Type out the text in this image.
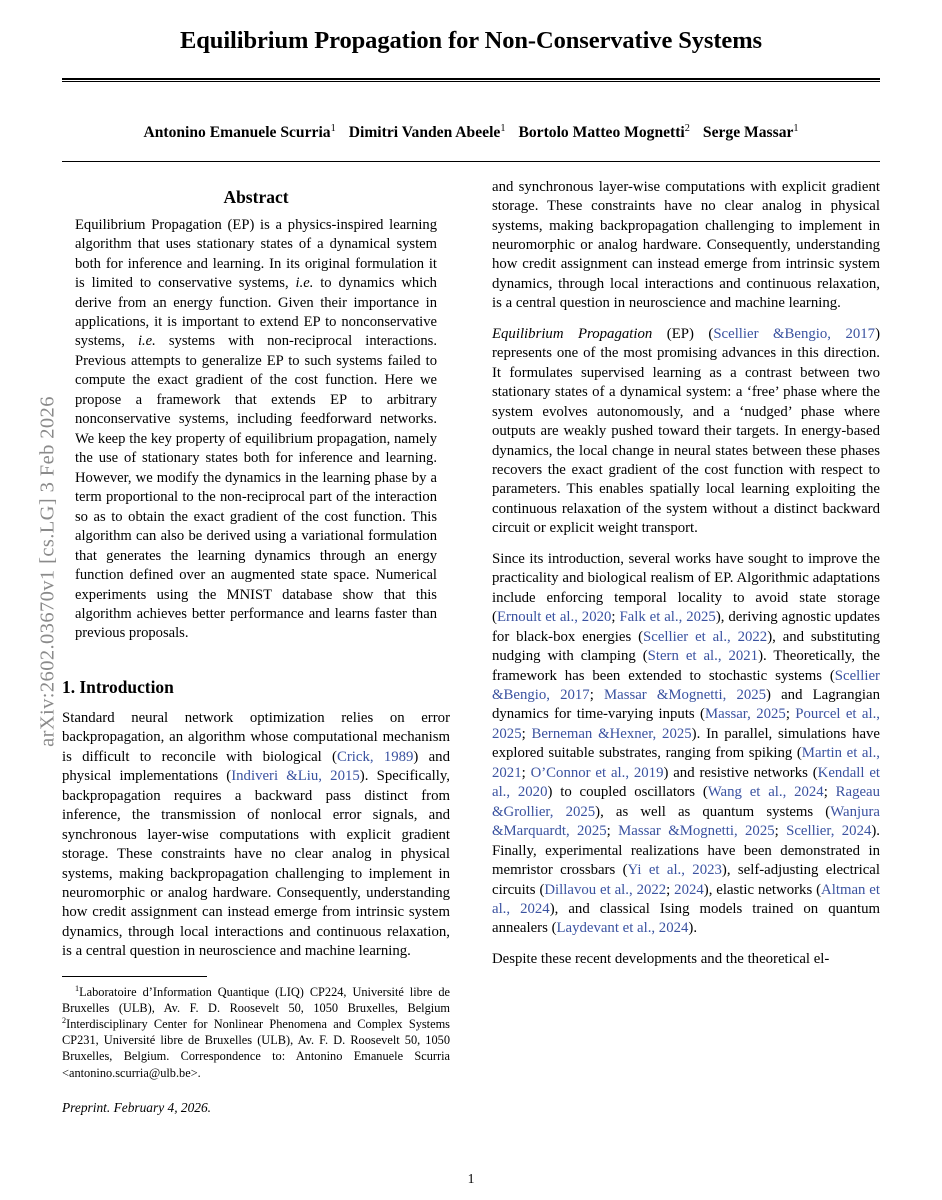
arXiv:2602.03670v1 [cs.LG] 3 Feb 2026
Equilibrium Propagation for Non-Conservative Systems
Antonino Emanuele Scurria$^1$ Dimitri Vanden Abeele$^1$ Bortolo Matteo Mognetti$^2$ Serge Massar$^1$
Abstract
Equilibrium Propagation (EP) is a physics-inspired learning algorithm that uses stationary states of a dynamical system both for inference and learning. In its original formulation it is limited to conservative systems, i.e. to dynamics which derive from an energy function. Given their importance in applications, it is important to extend EP to nonconservative systems, i.e. systems with non-reciprocal interactions. Previous attempts to generalize EP to such systems failed to compute the exact gradient of the cost function. Here we propose a framework that extends EP to arbitrary nonconservative systems, including feedforward networks. We keep the key property of equilibrium propagation, namely the use of stationary states both for inference and learning. However, we modify the dynamics in the learning phase by a term proportional to the non-reciprocal part of the interaction so as to obtain the exact gradient of the cost function. This algorithm can also be derived using a variational formulation that generates the learning dynamics through an energy function defined over an augmented state space. Numerical experiments using the MNIST database show that this algorithm achieves better performance and learns faster than previous proposals.
1. Introduction

Standard neural network optimization relies on error backpropagation, an algorithm whose computational mechanism is difficult to reconcile with biological (Crick, 1989) and physical implementations (Indiveri &Liu, 2015). Specifically, backpropagation requires a backward pass distinct from inference, the transmission of nonlocal error signals, and synchronous layer-wise computations with explicit gradient storage. These constraints have no clear analog in physical systems, making backpropagation challenging to implement in neuromorphic or analog hardware. Consequently, understanding how credit assignment can instead emerge from intrinsic system dynamics, through local interactions and continuous relaxation, is a central question in neuroscience and machine learning.

$^1$Laboratoire d’Information Quantique (LIQ) CP224, Université libre de Bruxelles (ULB), Av. F. D. Roosevelt 50, 1050 Bruxelles, Belgium $^2$Interdisciplinary Center for Nonlinear Phenomena and Complex Systems CP231, Université libre de Bruxelles (ULB), Av. F. D. Roosevelt 50, 1050 Bruxelles, Belgium. Correspondence to: Antonino Emanuele Scurria <antonino.scurria@ulb.be>.
Preprint. February 4, 2026.

and synchronous layer-wise computations with explicit gradient storage. These constraints have no clear analog in physical systems, making backpropagation challenging to implement in neuromorphic or analog hardware. Consequently, understanding how credit assignment can instead emerge from intrinsic system dynamics, through local interactions and continuous relaxation, is a central question in neuroscience and machine learning.

Equilibrium Propagation (EP) (Scellier &Bengio, 2017) represents one of the most promising advances in this direction. It formulates supervised learning as a contrast between two stationary states of a dynamical system: a ‘free’ phase where the system evolves autonomously, and a ‘nudged’ phase where outputs are weakly pushed toward their targets. In energy-based dynamics, the local change in neural states between these phases recovers the exact gradient of the cost function with respect to parameters. This enables spatially local learning exploiting the continuous relaxation of the system without a distinct backward circuit or explicit weight transport.

Since its introduction, several works have sought to improve the practicality and biological realism of EP. Algorithmic adaptations include enforcing temporal locality to avoid state storage (Ernoult et al., 2020; Falk et al., 2025), deriving agnostic updates for black-box energies (Scellier et al., 2022), and substituting nudging with clamping (Stern et al., 2021). Theoretically, the framework has been extended to stochastic systems (Scellier &Bengio, 2017; Massar &Mognetti, 2025) and Lagrangian dynamics for time-varying inputs (Massar, 2025; Pourcel et al., 2025; Berneman &Hexner, 2025). In parallel, simulations have explored suitable substrates, ranging from spiking (Martin et al., 2021; O’Connor et al., 2019) and resistive networks (Kendall et al., 2020) to coupled oscillators (Wang et al., 2024; Rageau &Grollier, 2025), as well as quantum systems (Wanjura &Marquardt, 2025; Massar &Mognetti, 2025; Scellier, 2024). Finally, experimental realizations have been demonstrated in memristor crossbars (Yi et al., 2023), self-adjusting electrical circuits (Dillavou et al., 2022; 2024), elastic networks (Altman et al., 2024), and classical Ising models trained on quantum annealers (Laydevant et al., 2024).

Despite these recent developments and the theoretical el-

1
